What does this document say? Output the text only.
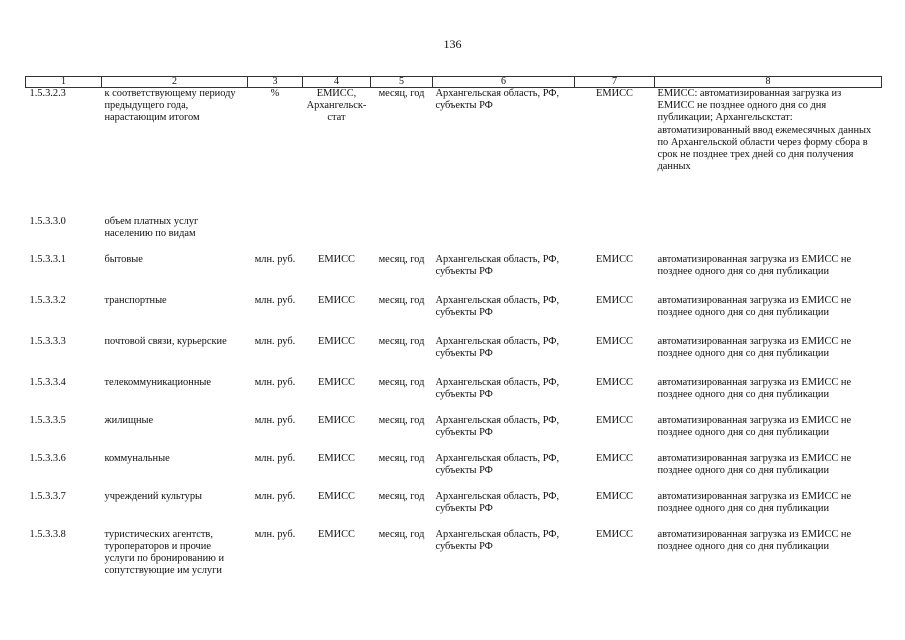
136
1	2	3	4	5	6	7	8
1.5.3.2.3	к соответствующему периоду предыдущего года, нарастающим итогом	%	ЕМИСС, Архангельск-стат	месяц, год	Архангельская область, РФ, субъекты РФ	ЕМИСС	ЕМИСС: автоматизированная загрузка из ЕМИСС не позднее одного дня со дня публикации; Архангельскстат: автоматизированный ввод ежемесячных данных по Архангельской области через форму сбора в срок не позднее трех дней со дня получения данных
1.5.3.3.0	объем платных услуг населению по видам						
1.5.3.3.1	бытовые	млн. руб.	ЕМИСС	месяц, год	Архангельская область, РФ, субъекты РФ	ЕМИСС	автоматизированная загрузка из ЕМИСС не позднее одного дня со дня публикации
1.5.3.3.2	транспортные	млн. руб.	ЕМИСС	месяц, год	Архангельская область, РФ, субъекты РФ	ЕМИСС	автоматизированная загрузка из ЕМИСС не позднее одного дня со дня публикации
1.5.3.3.3	почтовой связи, курьерские	млн. руб.	ЕМИСС	месяц, год	Архангельская область, РФ, субъекты РФ	ЕМИСС	автоматизированная загрузка из ЕМИСС не позднее одного дня со дня публикации
1.5.3.3.4	телекоммуникационные	млн. руб.	ЕМИСС	месяц, год	Архангельская область, РФ, субъекты РФ	ЕМИСС	автоматизированная загрузка из ЕМИСС не позднее одного дня со дня публикации
1.5.3.3.5	жилищные	млн. руб.	ЕМИСС	месяц, год	Архангельская область, РФ, субъекты РФ	ЕМИСС	автоматизированная загрузка из ЕМИСС не позднее одного дня со дня публикации
1.5.3.3.6	коммунальные	млн. руб.	ЕМИСС	месяц, год	Архангельская область, РФ, субъекты РФ	ЕМИСС	автоматизированная загрузка из ЕМИСС не позднее одного дня со дня публикации
1.5.3.3.7	учреждений культуры	млн. руб.	ЕМИСС	месяц, год	Архангельская область, РФ, субъекты РФ	ЕМИСС	автоматизированная загрузка из ЕМИСС не позднее одного дня со дня публикации
1.5.3.3.8	туристических агентств, туроператоров и прочие услуги по бронированию и сопутствующие им услуги	млн. руб.	ЕМИСС	месяц, год	Архангельская область, РФ, субъекты РФ	ЕМИСС	автоматизированная загрузка из ЕМИСС не позднее одного дня со дня публикации
